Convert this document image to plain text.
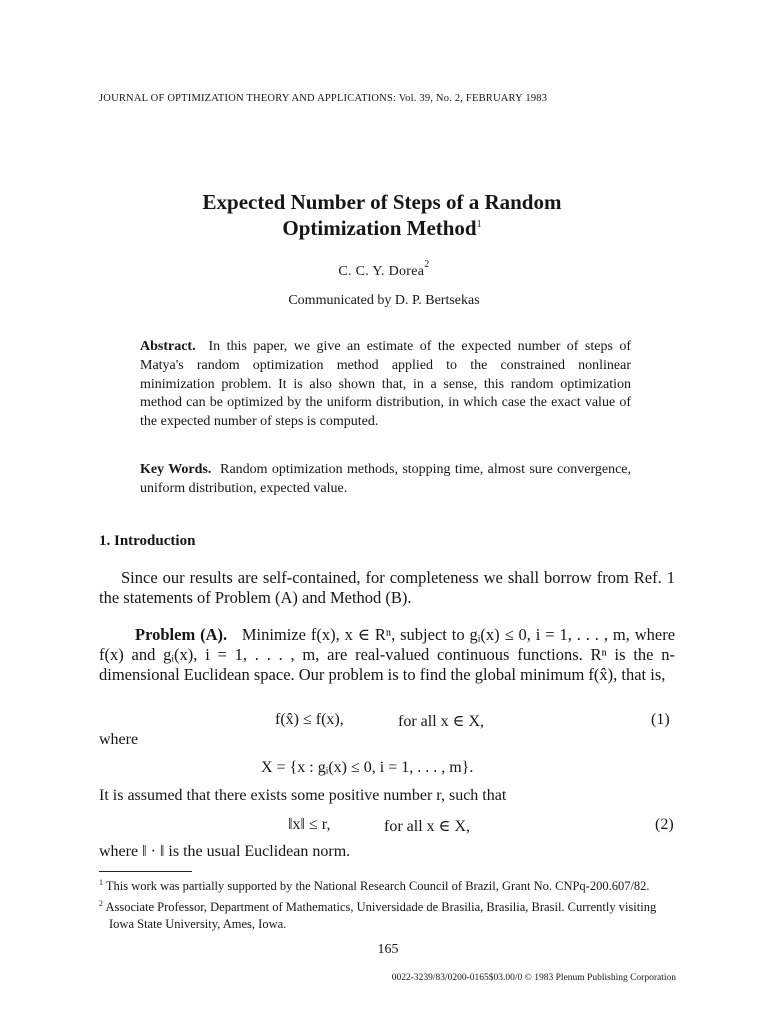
JOURNAL OF OPTIMIZATION THEORY AND APPLICATIONS: Vol. 39, No. 2, FEBRUARY 1983
Expected Number of Steps of a Random
Optimization Method$^1$
C. C. Y. Dorea$^2$
Communicated by D. P. Bertsekas
Abstract. In this paper, we give an estimate of the expected number of steps of Matya's random optimization method applied to the constrained nonlinear minimization problem. It is also shown that, in a sense, this random optimization method can be optimized by the uniform distribution, in which case the exact value of the expected number of steps is computed.
Key Words. Random optimization methods, stopping time, almost sure convergence, uniform distribution, expected value.
1. Introduction
Since our results are self-contained, for completeness we shall borrow from Ref. 1 the statements of Problem (A) and Method (B).
Problem (A). Minimize f(x), x ∈ Rⁿ, subject to gᵢ(x) ≤ 0, i = 1, . . . , m, where f(x) and gᵢ(x), i = 1, . . . , m, are real-valued continuous functions. Rⁿ is the n-dimensional Euclidean space. Our problem is to find the global minimum f(x̂), that is,
f(x̂) ≤ f(x),	for all x ∈ X,	(1)
where
X = {x : gᵢ(x) ≤ 0, i = 1, . . . , m}.
It is assumed that there exists some positive number r, such that
‖x‖ ≤ r,	for all x ∈ X,	(2)
where ‖ · ‖ is the usual Euclidean norm.
$^1$ This work was partially supported by the National Research Council of Brazil, Grant No. CNPq-200.607/82.
$^2$ Associate Professor, Department of Mathematics, Universidade de Brasilia, Brasilia, Brasil. Currently visiting Iowa State University, Ames, Iowa.
165
0022-3239/83/0200-0165$03.00/0 © 1983 Plenum Publishing Corporation
